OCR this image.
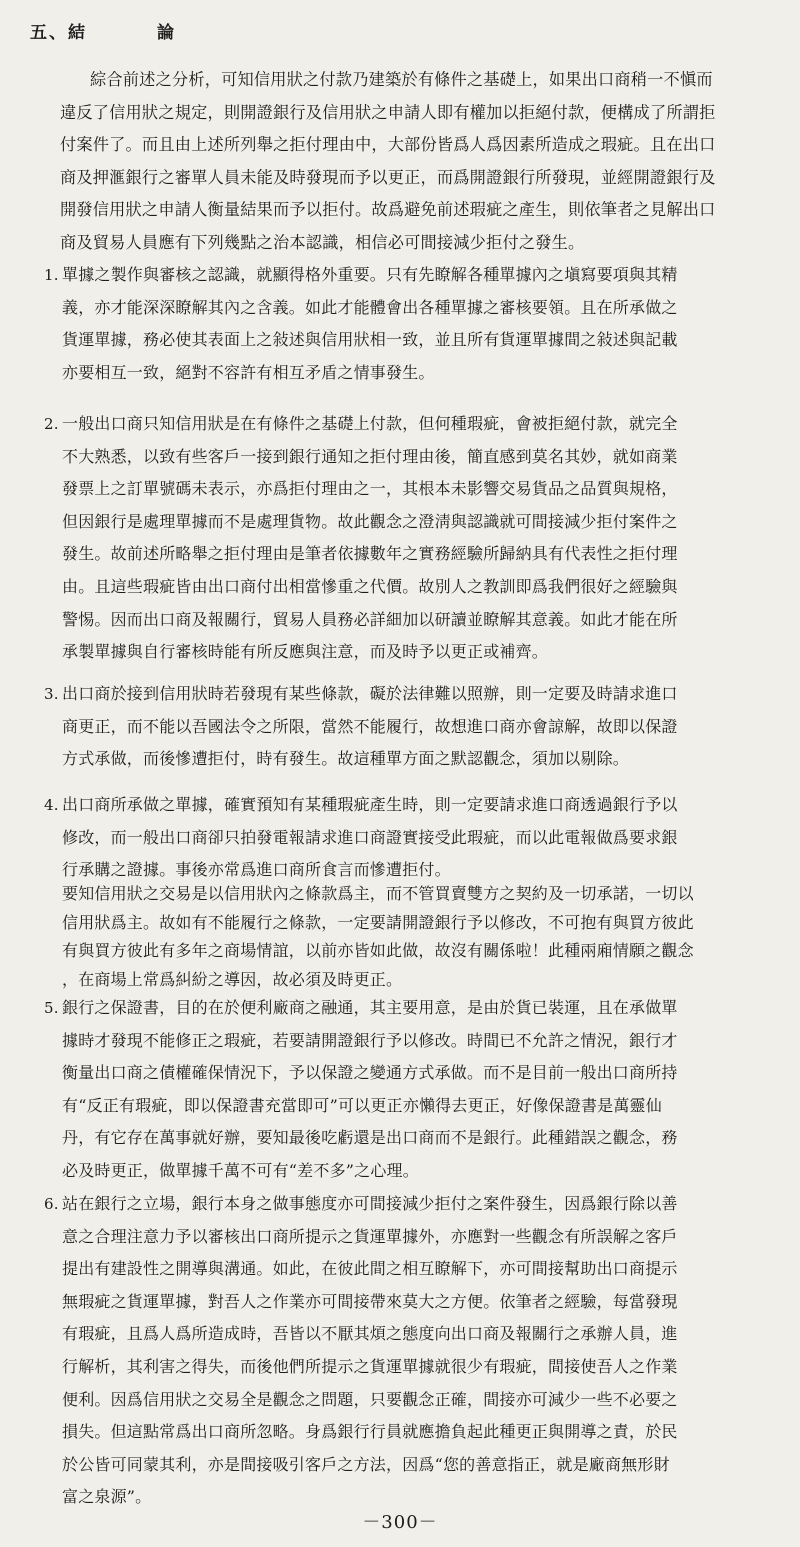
五、結	論
綜合前述之分析，可知信用狀之付款乃建築於有條件之基礎上，如果出口商稍一不愼而
違反了信用狀之規定，則開證銀行及信用狀之申請人即有權加以拒絕付款，便構成了所謂拒
付案件了。而且由上述所列舉之拒付理由中，大部份皆爲人爲因素所造成之瑕疵。且在出口
商及押滙銀行之審單人員未能及時發現而予以更正，而爲開證銀行所發現，並經開證銀行及
開發信用狀之申請人衡量結果而予以拒付。故爲避免前述瑕疵之產生，則依筆者之見解出口
商及貿易人員應有下列幾點之治本認識，相信必可間接減少拒付之發生。
1. 單據之製作與審核之認識，就顯得格外重要。只有先瞭解各種單據內之塡寫要項與其精
義，亦才能深深瞭解其內之含義。如此才能體會出各種單據之審核要領。且在所承做之
貨運單據，務必使其表面上之敍述與信用狀相一致，並且所有貨運單據間之敍述與記載
亦要相互一致，絕對不容許有相互矛盾之情事發生。
2. 一般出口商只知信用狀是在有條件之基礎上付款，但何種瑕疵，會被拒絕付款，就完全
不大熟悉，以致有些客戶一接到銀行通知之拒付理由後，簡直感到莫名其妙，就如商業
發票上之訂單號碼未表示，亦爲拒付理由之一，其根本未影響交易貨品之品質與規格，
但因銀行是處理單據而不是處理貨物。故此觀念之澄淸與認識就可間接減少拒付案件之
發生。故前述所略舉之拒付理由是筆者依據數年之實務經驗所歸納具有代表性之拒付理
由。且這些瑕疵皆由出口商付出相當慘重之代價。故別人之教訓即爲我們很好之經驗與
警惕。因而出口商及報關行，貿易人員務必詳細加以研讀並瞭解其意義。如此才能在所
承製單據與自行審核時能有所反應與注意，而及時予以更正或補齊。
3. 出口商於接到信用狀時若發現有某些條款，礙於法律難以照辦，則一定要及時請求進口
商更正，而不能以吾國法令之所限，當然不能履行，故想進口商亦會諒解，故即以保證
方式承做，而後慘遭拒付，時有發生。故這種單方面之默認觀念，須加以剔除。
4. 出口商所承做之單據，確實預知有某種瑕疵產生時，則一定要請求進口商透過銀行予以
修改，而一般出口商卻只拍發電報請求進口商證實接受此瑕疵，而以此電報做爲要求銀
行承購之證據。事後亦常爲進口商所食言而慘遭拒付。
要知信用狀之交易是以信用狀內之條款爲主，而不管買賣雙方之契約及一切承諾，一切以
信用狀爲主。故如有不能履行之條款，一定要請開證銀行予以修改，不可抱有與買方彼此
有與買方彼此有多年之商場情誼，以前亦皆如此做，故沒有關係啦！此種兩廂情願之觀念
，在商場上常爲糾紛之導因，故必須及時更正。
5. 銀行之保證書，目的在於便利廠商之融通，其主要用意，是由於貨已裝運，且在承做單
據時才發現不能修正之瑕疵，若要請開證銀行予以修改。時間已不允許之情況，銀行才
衡量出口商之債權確保情況下，予以保證之變通方式承做。而不是目前一般出口商所持
有“反正有瑕疵，即以保證書充當即可”可以更正亦懶得去更正，好像保證書是萬靈仙
丹，有它存在萬事就好辦，要知最後吃虧還是出口商而不是銀行。此種錯誤之觀念，務
必及時更正，做單據千萬不可有“差不多”之心理。
6. 站在銀行之立場，銀行本身之做事態度亦可間接減少拒付之案件發生，因爲銀行除以善
意之合理注意力予以審核出口商所提示之貨運單據外，亦應對一些觀念有所誤解之客戶
提出有建設性之開導與溝通。如此，在彼此間之相互瞭解下，亦可間接幫助出口商提示
無瑕疵之貨運單據，對吾人之作業亦可間接帶來莫大之方便。依筆者之經驗，每當發現
有瑕疵，且爲人爲所造成時，吾皆以不厭其煩之態度向出口商及報關行之承辦人員，進
行解析，其利害之得失，而後他們所提示之貨運單據就很少有瑕疵，間接使吾人之作業
便利。因爲信用狀之交易全是觀念之問題，只要觀念正確，間接亦可減少一些不必要之
損失。但這點常爲出口商所忽略。身爲銀行行員就應擔負起此種更正與開導之責，於民
於公皆可同蒙其利，亦是間接吸引客戶之方法，因爲“您的善意指正，就是廠商無形財
富之泉源”。
－300－
